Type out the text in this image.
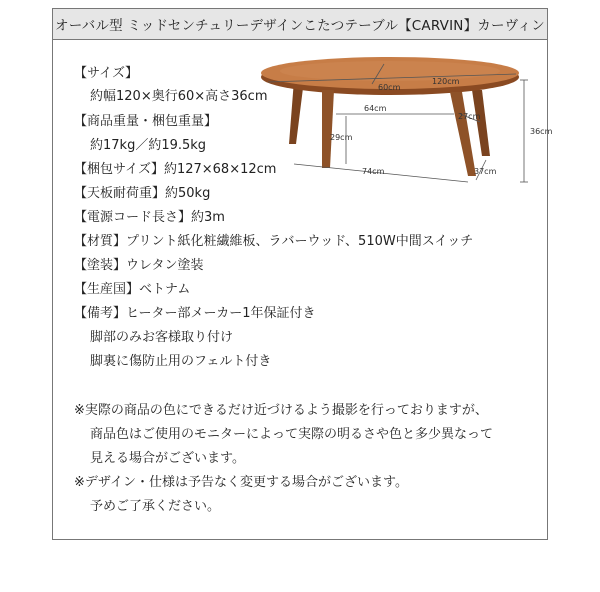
オーバル型 ミッドセンチュリーデザインこたつテーブル【CARVIN】カーヴィン
【サイズ】
約幅120×奥行60×高さ36cm
【商品重量・梱包重量】
約17kg／約19.5kg
【梱包サイズ】約127×68×12cm
【天板耐荷重】約50kg
【電源コード長さ】約3m
【材質】プリント紙化粧繊維板、ラバーウッド、510W中間スイッチ
【塗装】ウレタン塗装
【生産国】ベトナム
【備考】ヒーター部メーカー1年保証付き
脚部のみお客様取り付け
脚裏に傷防止用のフェルト付き
※実際の商品の色にできるだけ近づけるよう撮影を行っておりますが、
商品色はご使用のモニターによって実際の明るさや色と多少異なって
見える場合がございます。
※デザイン・仕様は予告なく変更する場合がございます。
予めご了承ください。
120cm
60cm
64cm
27cm
29cm
74cm	37cm
36cm
